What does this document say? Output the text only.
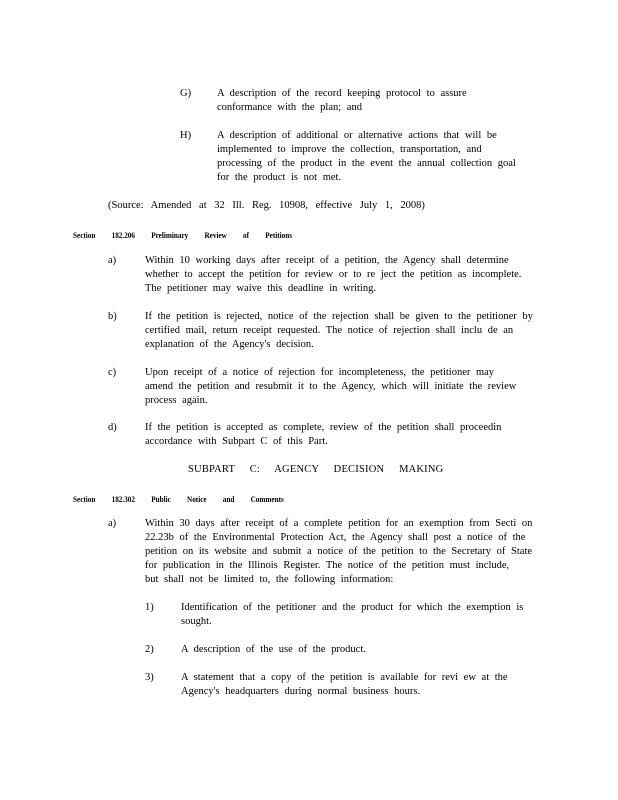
G) A description of the record keeping protocol to assure
conformance with the plan; and
H) A description of additional or alternative actions that will be
implemented to improve the collection, transportation, and
processing of the product in the event the annual collection goal
for the product is not met.
(Source: Amended at 32 Ill. Reg. 10908, effective July 1, 2008)
Section 182.206 Preliminary Review of Petitions
a)	Within 10 working days after receipt of a petition, the Agency shall determine
whether to accept the petition for review or to re ject the petition as incomplete.
The petitioner may waive this deadline in writing.
b)	If the petition is rejected, notice of the rejection shall be given to the petitioner by
certified mail, return receipt requested. The notice of rejection shall inclu de an
explanation of the Agency's decision.
c)	Upon receipt of a notice of rejection for incompleteness, the petitioner may
amend the petition and resubmit it to the Agency, which will initiate the review
process again.
d)	If the petition is accepted as complete, review of the petition shall proceedin
accordance with Subpart C of this Part.
SUBPART C: AGENCY DECISION MAKING
Section 182.302 Public Notice and Comments
a)	Within 30 days after receipt of a complete petition for an exemption from Secti on
22.23b of the Environmental Protection Act, the Agency shall post a notice of the
petition on its website and submit a notice of the petition to the Secretary of State
for publication in the Illinois Register. The notice of the petition must include,
but shall not be limited to, the following information:
1)	Identification of the petitioner and the product for which the exemption is
sought.
2)	A description of the use of the product.
3)	A statement that a copy of the petition is available for revi ew at the
Agency's headquarters during normal business hours.
